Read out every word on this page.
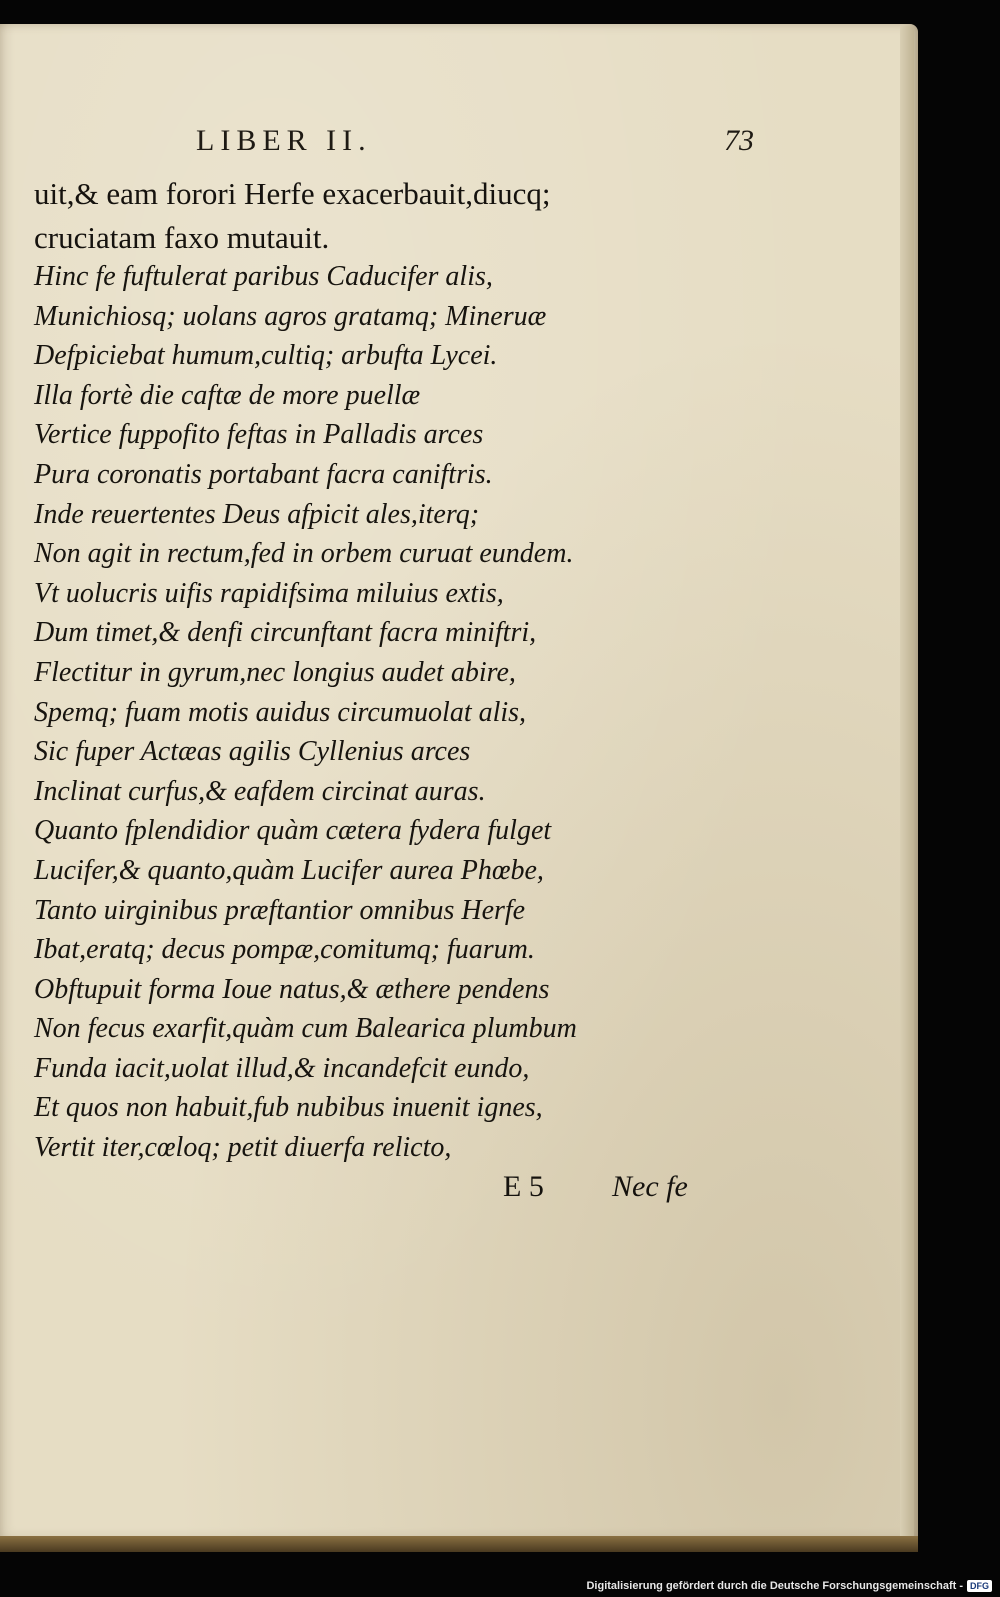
LIBER II.	73
uit,& eam forori Herfe exacerbauit,diucq;
cruciatam faxo mutauit.
Hinc fe fuftulerat paribus Caducifer alis,
Munichiosq; uolans agros gratamq; Mineruæ
Defpiciebat humum,cultiq; arbufta Lycei.
Illa fortè die caftæ de more puellæ
Vertice fuppofito feftas in Palladis arces
Pura coronatis portabant facra caniftris.
Inde reuertentes Deus afpicit ales,iterq;
Non agit in rectum,fed in orbem curuat eundem.
Vt uolucris uifis rapidifsima miluius extis,
Dum timet,& denfi circunftant facra miniftri,
Flectitur in gyrum,nec longius audet abire,
Spemq; fuam motis auidus circumuolat alis,
Sic fuper Actæas agilis Cyllenius arces
Inclinat curfus,& eafdem circinat auras.
Quanto fplendidior quàm cætera fydera fulget
Lucifer,& quanto,quàm Lucifer aurea Phœbe,
Tanto uirginibus præftantior omnibus Herfe
Ibat,eratq; decus pompæ,comitumq; fuarum.
Obftupuit forma Ioue natus,& æthere pendens
Non fecus exarfit,quàm cum Balearica plumbum
Funda iacit,uolat illud,& incandefcit eundo,
Et quos non habuit,fub nubibus inuenit ignes,
Vertit iter,cœloq; petit diuerfa relicto,
E 5 Nec fe
Digitalisierung gefördert durch die Deutsche Forschungsgemeinschaft - DFG
